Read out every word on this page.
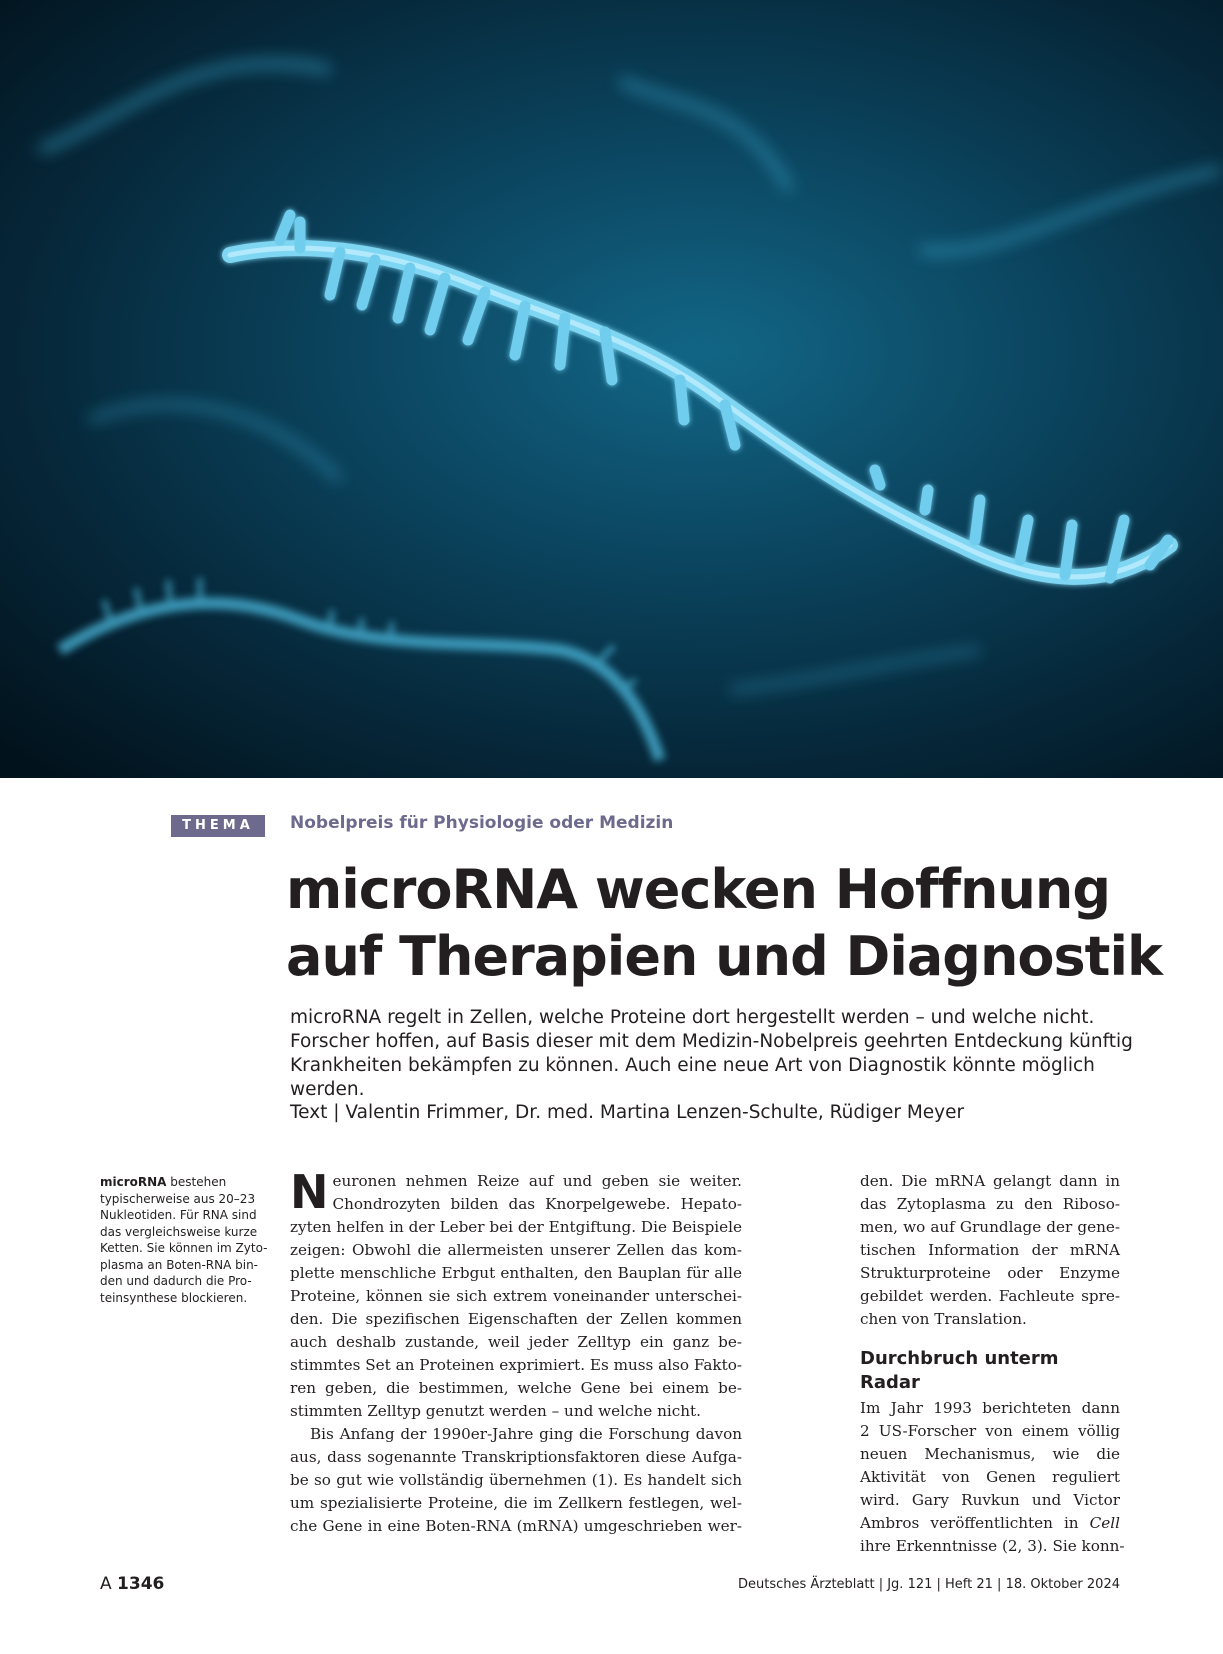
THEMA	Nobelpreis für Physiologie oder Medizin
microRNA wecken Hoffnung
auf Therapien und Diagnostik
microRNA regelt in Zellen, welche Proteine dort hergestellt werden – und welche nicht.
Forscher hoffen, auf Basis dieser mit dem Medizin-Nobelpreis geehrten Entdeckung künftig
Krankheiten bekämpfen zu können. Auch eine neue Art von Diagnostik könnte möglich werden.
Text | Valentin Frimmer, Dr. med. Martina Lenzen-Schulte, Rüdiger Meyer
microRNA bestehen
typischerweise aus 20–23
Nukleotiden. Für RNA sind
das vergleichsweise kurze
Ketten. Sie können im Zyto-
plasma an Boten-RNA bin-
den und dadurch die Pro-
teinsynthese blockieren.
N euronen nehmen Reize auf und geben sie weiter.
Chondrozyten bilden das Knorpelgewebe. Hepato-
zyten helfen in der Leber bei der Entgiftung. Die Beispiele
zeigen: Obwohl die allermeisten unserer Zellen das kom-
plette menschliche Erbgut enthalten, den Bauplan für alle
Proteine, können sie sich extrem voneinander unterschei-
den. Die spezifischen Eigenschaften der Zellen kommen
auch deshalb zustande, weil jeder Zelltyp ein ganz be-
stimmtes Set an Proteinen exprimiert. Es muss also Fakto-
ren geben, die bestimmen, welche Gene bei einem be-
stimmten Zelltyp genutzt werden – und welche nicht.
Bis Anfang der 1990er-Jahre ging die Forschung davon
aus, dass sogenannte Transkriptionsfaktoren diese Aufga-
be so gut wie vollständig übernehmen (1). Es handelt sich
um spezialisierte Proteine, die im Zellkern festlegen, wel-
che Gene in eine Boten-RNA (mRNA) umgeschrieben wer-
den. Die mRNA gelangt dann in
das Zytoplasma zu den Riboso-
men, wo auf Grundlage der gene-
tischen Information der mRNA
Strukturproteine oder Enzyme
gebildet werden. Fachleute spre-
chen von Translation.
Durchbruch unterm Radar
Im Jahr 1993 berichteten dann
2 US-Forscher von einem völlig
neuen Mechanismus, wie die
Aktivität von Genen reguliert
wird. Gary Ruvkun und Victor
Ambros veröffentlichten in Cell
ihre Erkenntnisse (2, 3). Sie konn-
A 1346	Deutsches Ärzteblatt | Jg. 121 | Heft 21 | 18. Oktober 2024
